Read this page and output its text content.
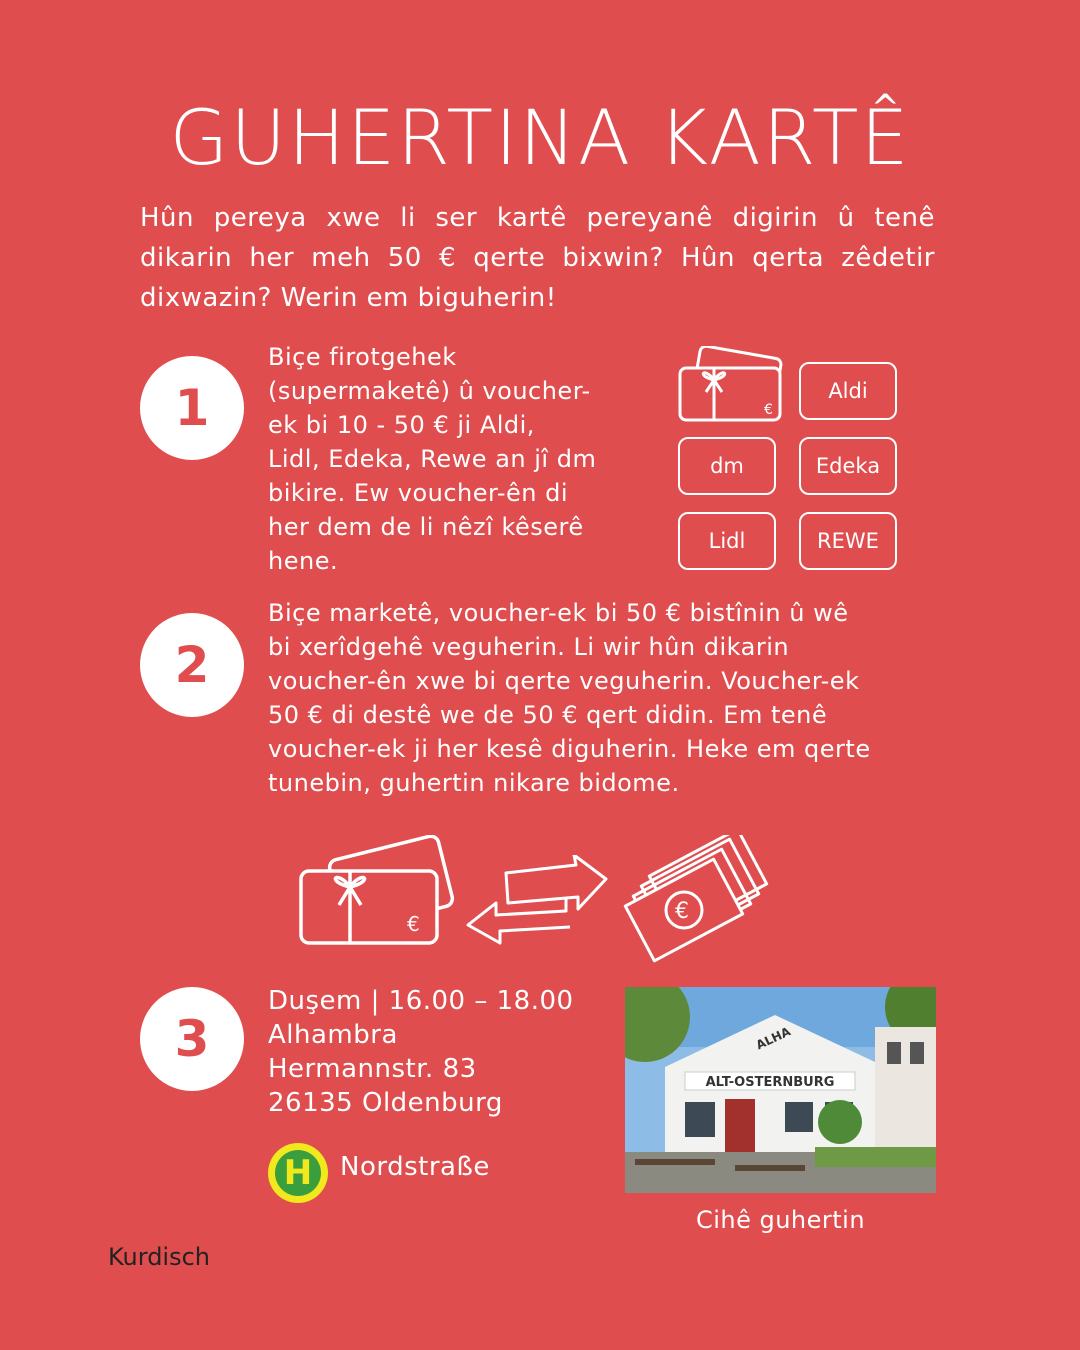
GUHERTINA KARTÊ

Hûn pereya xwe li ser kartê pereyanê digirin û tenê dikarin her meh 50 € qerte bixwin? Hûn qerta zêdetir dixwazin? Werin em biguherin!

1
Biçe firotgehek
(supermaketê) û voucher-
ek bi 10 - 50 € ji Aldi,
Lidl, Edeka, Rewe an jî dm
bikire. Ew voucher-ên di
her dem de li nêzî kêserê
hene.
€
Aldi
dm	Edeka
Lidl	REWE
2
Biçe marketê, voucher-ek bi 50 € bistînin û wê
bi xerîdgehê veguherin. Li wir hûn dikarin
voucher-ên xwe bi qerte veguherin. Voucher-ek
50 € di destê we de 50 € qert didin. Em tenê
voucher-ek ji her kesê diguherin. Heke em qerte
tunebin, guhertin nikare bidome.
€	€
3
Duşem | 16.00 – 18.00
Alhambra
Hermannstr. 83
26135 Oldenburg
H	Nordstraße
ALT-OSTERNBURG
ALHA
Cihê guhertin
Kurdisch
